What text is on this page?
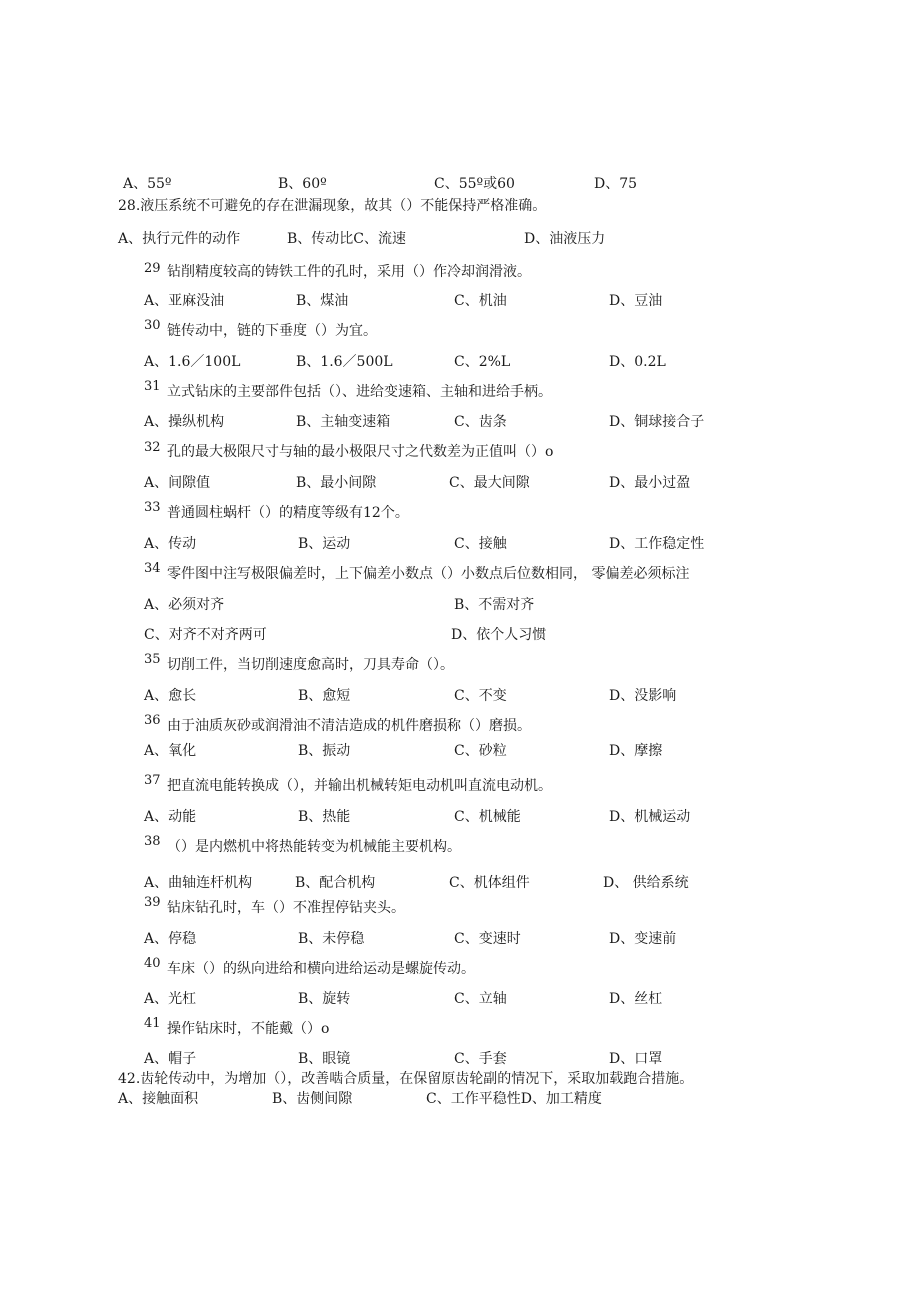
A、55º	B、60º	C、55º或60	D、75
28.液压系统不可避免的存在泄漏现象，故其（）不能保持严格准确。
A、执行元件的动作	B、传动比C、流速	D、油液压力
29 钻削精度较高的铸铁工件的孔时，采用（）作冷却润滑液。
A、亚麻没油	B、煤油	C、机油	D、豆油
30 链传动中，链的下垂度（）为宜。
A、1.6／100L	B、1.6／500L	C、2%L	D、0.2L
31 立式钻床的主要部件包括（）、进给变速箱、主轴和进给手柄。
A、操纵机构	B、主轴变速箱	C、齿条	D、铜球接合子
32 孔的最大极限尺寸与轴的最小极限尺寸之代数差为正值叫（）o
A、间隙值	B、最小间隙	C、最大间隙	D、最小过盈
33 普通圆柱蜗杆（）的精度等级有12个。
A、传动	B、运动	C、接触	D、工作稳定性
34 零件图中注写极限偏差时，上下偏差小数点（）小数点后位数相同， 零偏差必须标注
A、必须对齐	B、不需对齐
C、对齐不对齐两可	D、依个人习惯
35 切削工件，当切削速度愈高时，刀具寿命（）。
A、愈长	B、愈短	C、不变	D、没影响
36 由于油质灰砂或润滑油不清洁造成的机件磨损称（）磨损。
A、氧化	B、振动	C、砂粒	D、摩擦
37 把直流电能转换成（），并输出机械转矩电动机叫直流电动机。
A、动能	B、热能	C、机械能	D、机械运动
38 （）是内燃机中将热能转变为机械能主要机构。
A、曲轴连杆机构	B、配合机构	C、机体组件	D、 供给系统
39 钻床钻孔时，车（）不准捏停钻夹头。
A、停稳	B、未停稳	C、变速时	D、变速前
40 车床（）的纵向进给和横向进给运动是螺旋传动。
A、光杠	B、旋转	C、立轴	D、丝杠
41 操作钻床时，不能戴（）o
A、帽子	B、眼镜	C、手套	D、口罩
42.齿轮传动中，为增加（），改善啮合质量，在保留原齿轮副的情况下，采取加载跑合措施。
A、接触面积	B、齿侧间隙	C、工作平稳性D、加工精度
